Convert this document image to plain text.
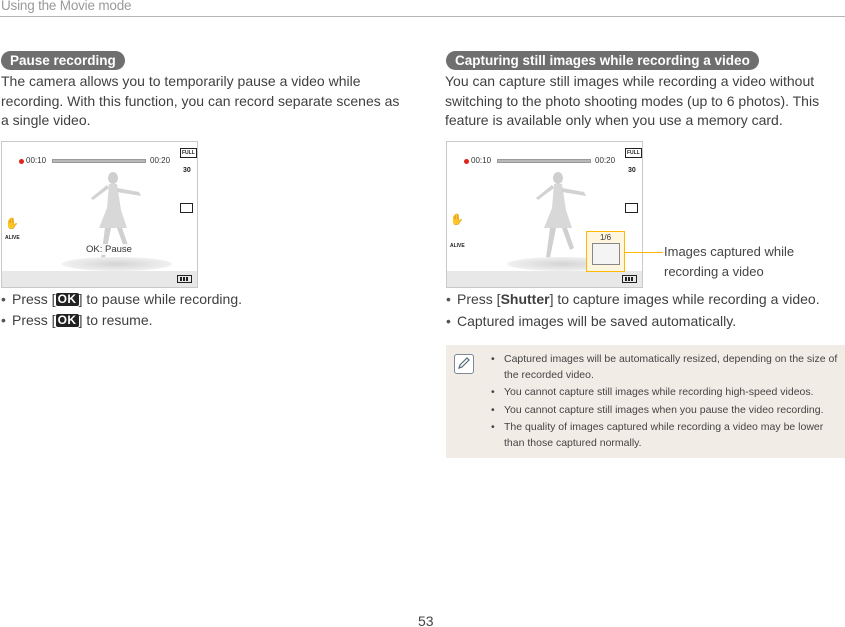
Using the Movie mode
Pause recording
The camera allows you to temporarily pause a video while recording. With this function, you can record separate scenes as a single video.
00:10	00:20
FULL
30
✋
ALIVE
OK: Pause
• Press [ OK ] to pause while recording.
• Press [ OK ] to resume.
Capturing still images while recording a video
You can capture still images while recording a video without switching to the photo shooting modes (up to 6 photos). This feature is available only when you use a memory card.
00:10	00:20
FULL
30
✋
ALIVE
1/6
Images captured while recording a video
• Press [Shutter] to capture images while recording a video.
• Captured images will be saved automatically.
• Captured images will be automatically resized, depending on the size of the recorded video.
• You cannot capture still images while recording high-speed videos.
• You cannot capture still images when you pause the video recording.
• The quality of images captured while recording a video may be lower than those captured normally.
53
